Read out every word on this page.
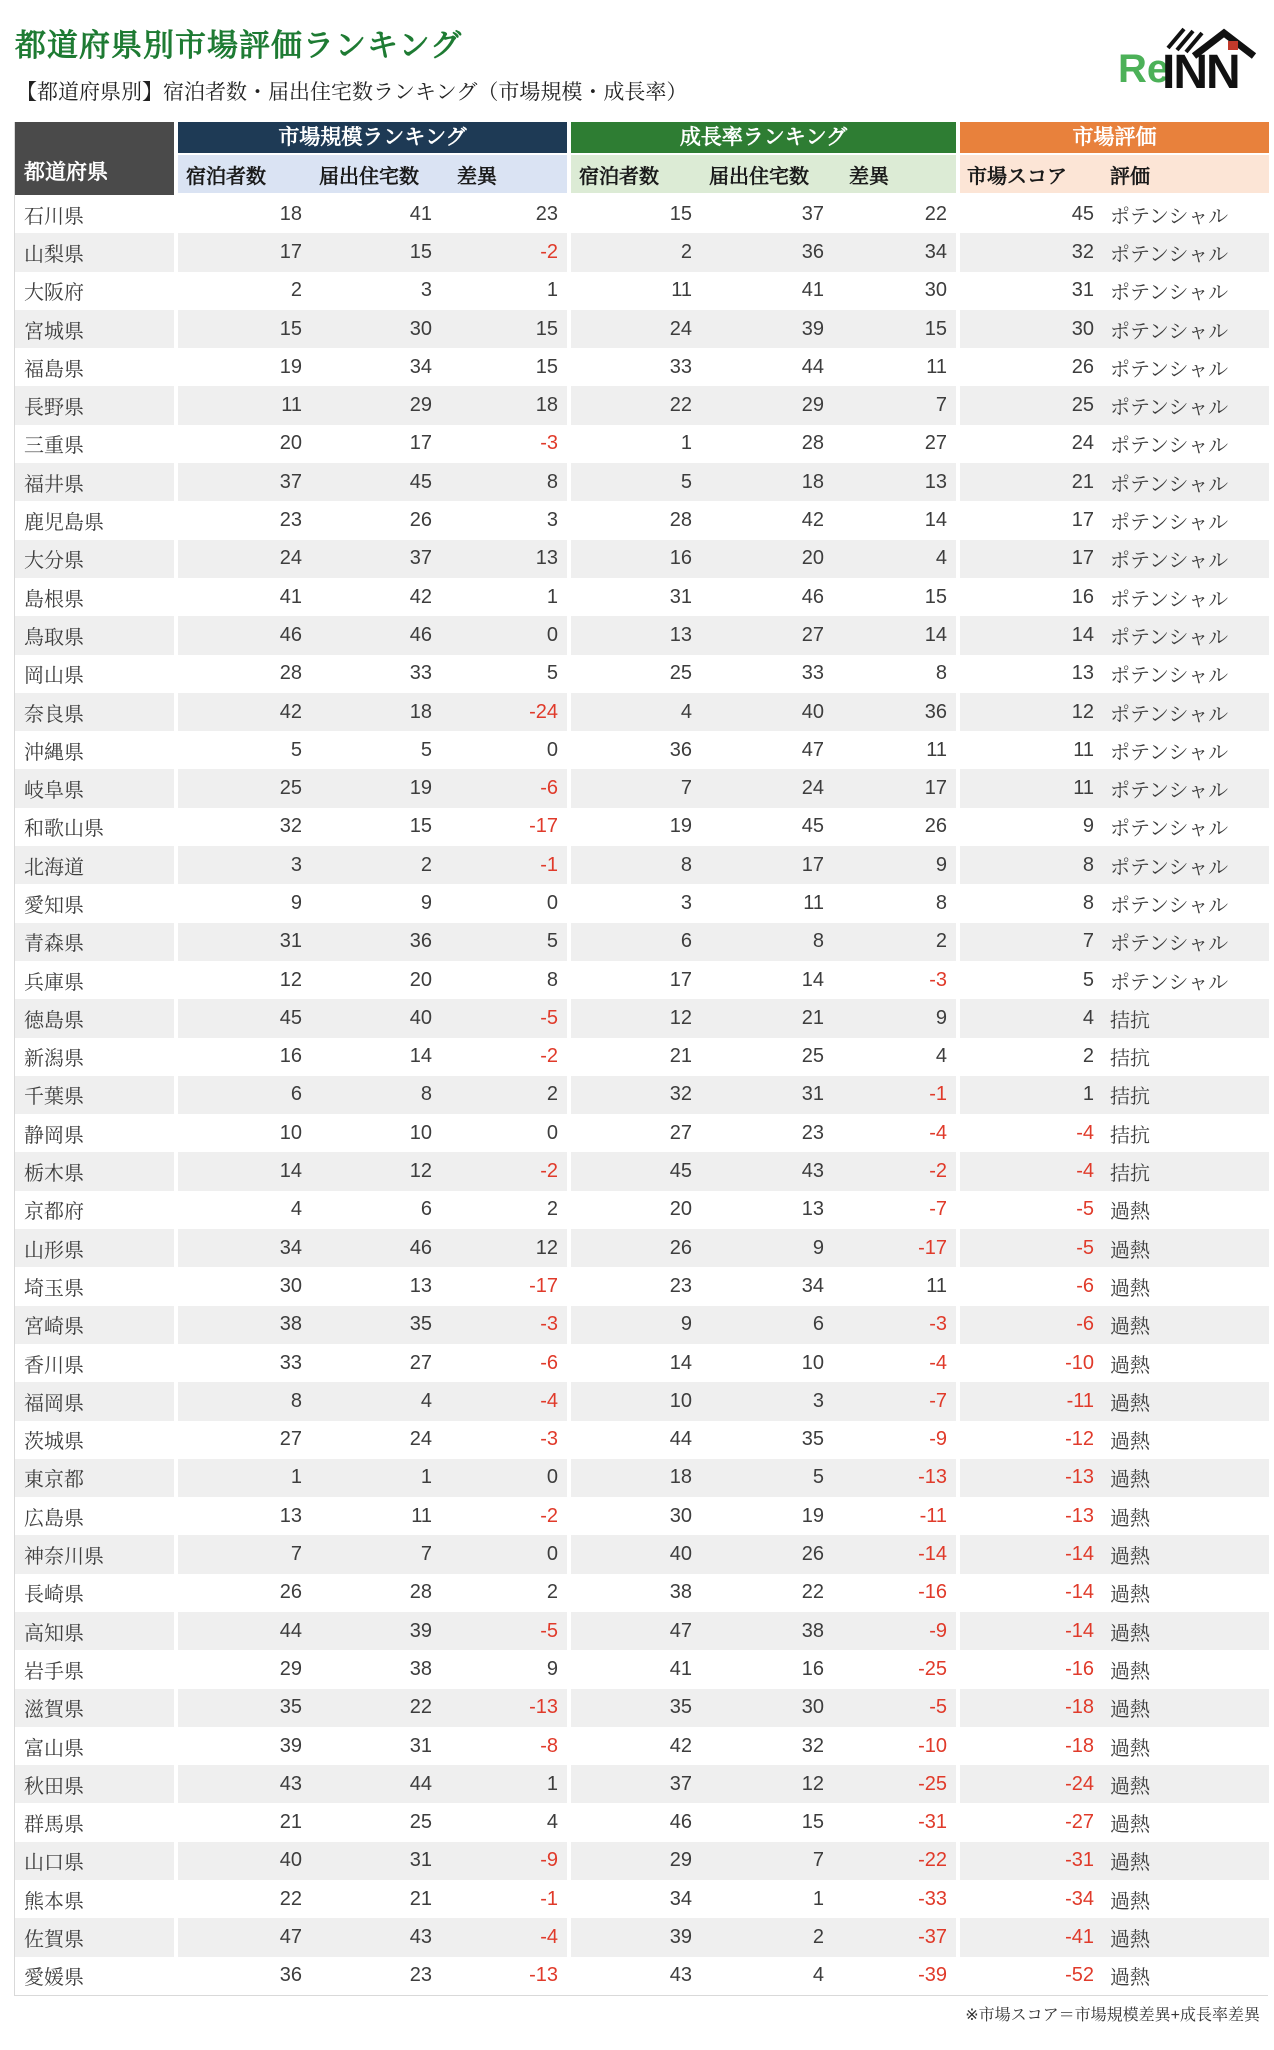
都道府県別市場評価ランキング
【都道府県別】宿泊者数・届出住宅数ランキング（市場規模・成長率）
Re
INN
都道府県
市場規模ランキング	成長率ランキング	市場評価
宿泊者数	届出住宅数	差異	宿泊者数	届出住宅数	差異	市場スコア	評価
石川県	18	41	23	15	37	22	45 ポテンシャル
山梨県	17	15	-2	2	36	34	32 ポテンシャル
大阪府	2	3	1	11	41	30	31 ポテンシャル
宮城県	15	30	15	24	39	15	30 ポテンシャル
福島県	19	34	15	33	44	11	26 ポテンシャル
長野県	11	29	18	22	29	7	25 ポテンシャル
三重県	20	17	-3	1	28	27	24 ポテンシャル
福井県	37	45	8	5	18	13	21 ポテンシャル
鹿児島県	23	26	3	28	42	14	17 ポテンシャル
大分県	24	37	13	16	20	4	17 ポテンシャル
島根県	41	42	1	31	46	15	16 ポテンシャル
鳥取県	46	46	0	13	27	14	14 ポテンシャル
岡山県	28	33	5	25	33	8	13 ポテンシャル
奈良県	42	18	-24	4	40	36	12 ポテンシャル
沖縄県	5	5	0	36	47	11	11 ポテンシャル
岐阜県	25	19	-6	7	24	17	11 ポテンシャル
和歌山県	32	15	-17	19	45	26	9 ポテンシャル
北海道	3	2	-1	8	17	9	8 ポテンシャル
愛知県	9	9	0	3	11	8	8 ポテンシャル
青森県	31	36	5	6	8	2	7 ポテンシャル
兵庫県	12	20	8	17	14	-3	5 ポテンシャル
徳島県	45	40	-5	12	21	9	4 拮抗
新潟県	16	14	-2	21	25	4	2 拮抗
千葉県	6	8	2	32	31	-1	1 拮抗
静岡県	10	10	0	27	23	-4	-4 拮抗
栃木県	14	12	-2	45	43	-2	-4 拮抗
京都府	4	6	2	20	13	-7	-5 過熱
山形県	34	46	12	26	9	-17	-5 過熱
埼玉県	30	13	-17	23	34	11	-6 過熱
宮崎県	38	35	-3	9	6	-3	-6 過熱
香川県	33	27	-6	14	10	-4	-10 過熱
福岡県	8	4	-4	10	3	-7	-11 過熱
茨城県	27	24	-3	44	35	-9	-12 過熱
東京都	1	1	0	18	5	-13	-13 過熱
広島県	13	11	-2	30	19	-11	-13 過熱
神奈川県	7	7	0	40	26	-14	-14 過熱
長崎県	26	28	2	38	22	-16	-14 過熱
高知県	44	39	-5	47	38	-9	-14 過熱
岩手県	29	38	9	41	16	-25	-16 過熱
滋賀県	35	22	-13	35	30	-5	-18 過熱
富山県	39	31	-8	42	32	-10	-18 過熱
秋田県	43	44	1	37	12	-25	-24 過熱
群馬県	21	25	4	46	15	-31	-27 過熱
山口県	40	31	-9	29	7	-22	-31 過熱
熊本県	22	21	-1	34	1	-33	-34 過熱
佐賀県	47	43	-4	39	2	-37	-41 過熱
愛媛県	36	23	-13	43	4	-39	-52 過熱
※市場スコア＝市場規模差異+成長率差異
